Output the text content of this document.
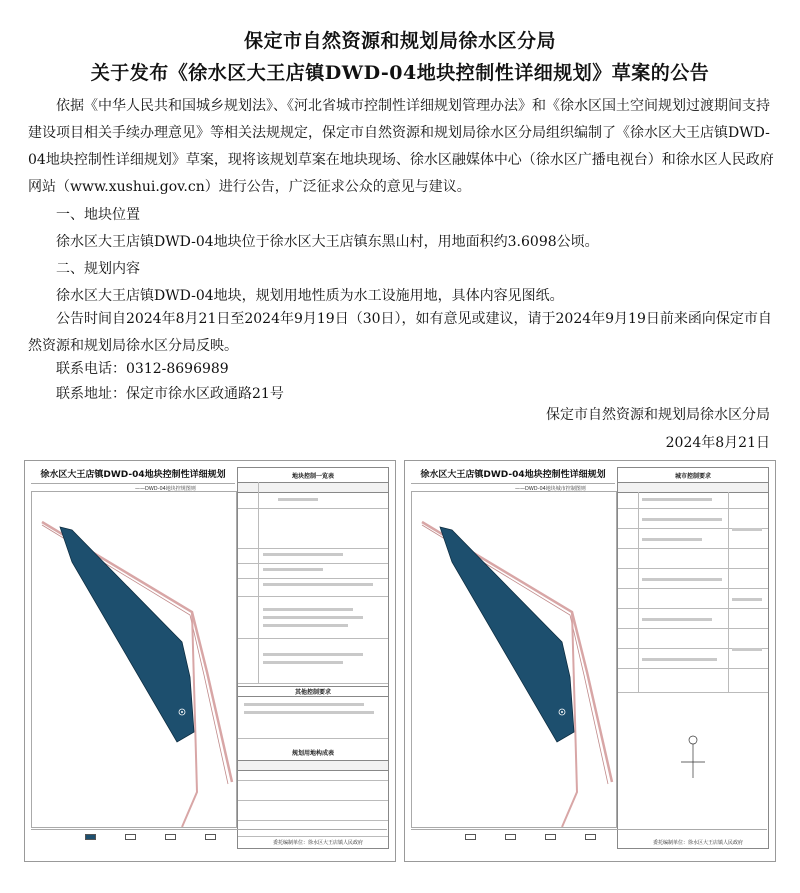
保定市自然资源和规划局徐水区分局
关于发布《徐水区大王店镇DWD-04地块控制性详细规划》草案的公告
依据《中华人民共和国城乡规划法》、《河北省城市控制性详细规划管理办法》和《徐水区国土空间规划过渡期间支持建设项目相关手续办理意见》等相关法规规定，保定市自然资源和规划局徐水区分局组织编制了《徐水区大王店镇DWD-04地块控制性详细规划》草案，现将该规划草案在地块现场、徐水区融媒体中心（徐水区广播电视台）和徐水区人民政府网站（www.xushui.gov.cn）进行公告，广泛征求公众的意见与建议。
一、地块位置
徐水区大王店镇DWD-04地块位于徐水区大王店镇东黑山村，用地面积约3.6098公顷。
二、规划内容
徐水区大王店镇DWD-04地块，规划用地性质为水工设施用地，具体内容见图纸。
公告时间自2024年8月21日至2024年9月19日（30日），如有意见或建议，请于2024年9月19日前来函向保定市自然资源和规划局徐水区分局反映。
联系电话：0312-8696989
联系地址：保定市徐水区政通路21号
保定市自然资源和规划局徐水区分局
2024年8月21日
徐水区大王店镇DWD-04地块控制性详细规划
——DWD-04地块控规图则
地块控制一览表
其他控制要求
规划用地构成表
委托编制单位：徐水区大王店镇人民政府
徐水区大王店镇DWD-04地块控制性详细规划
——DWD-04地块城市控制图则
城市控制要求
委托编制单位：徐水区大王店镇人民政府
